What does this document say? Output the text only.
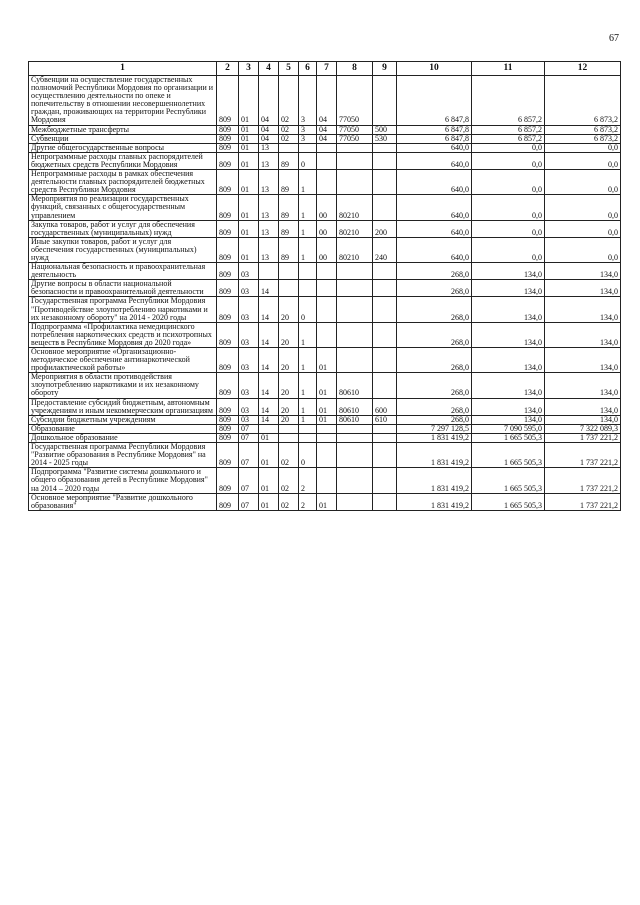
67
1	2	3	4	5	6	7	8	9	10	11	12
Субвенции на осуществление государственных полномочий Республики Мордовия по организации и осуществлению деятельности по опеке и попечительству в отношении несовершеннолетних граждан, проживающих на территории Республики Мордовия	809	01	04	02	3	04	77050		6 847,8	6 857,2	6 873,2
Межбюджетные трансферты	809	01	04	02	3	04	77050	500	6 847,8	6 857,2	6 873,2
Субвенции	809	01	04	02	3	04	77050	530	6 847,8	6 857,2	6 873,2
Другие общегосударственные вопросы	809	01	13						640,0	0,0	0,0
Непрограммные расходы главных распорядителей бюджетных средств Республики Мордовия	809	01	13	89	0				640,0	0,0	0,0
Непрограммные расходы в рамках обеспечения деятельности главных распорядителей бюджетных средств Республики Мордовия	809	01	13	89	1				640,0	0,0	0,0
Мероприятия по реализации государственных функций, связанных с общегосударственным управлением	809	01	13	89	1	00	80210		640,0	0,0	0,0
Закупка товаров, работ и услуг для обеспечения государственных (муниципальных) нужд	809	01	13	89	1	00	80210	200	640,0	0,0	0,0
Иные закупки товаров, работ и услуг для обеспечения государственных (муниципальных) нужд	809	01	13	89	1	00	80210	240	640,0	0,0	0,0
Национальная безопасность и правоохранительная деятельность	809	03							268,0	134,0	134,0
Другие вопросы в области национальной безопасности и правоохранительной деятельности	809	03	14						268,0	134,0	134,0
Государственная программа Республики Мордовия "Противодействие злоупотреблению наркотиками и их незаконному обороту" на 2014 - 2020 годы	809	03	14	20	0				268,0	134,0	134,0
Подпрограмма «Профилактика немедицинского потребления наркотических средств и психотропных веществ в Республике Мордовия до 2020 года»	809	03	14	20	1				268,0	134,0	134,0
Основное мероприятие «Организационно-методическое обеспечение антинаркотической профилактической работы»	809	03	14	20	1	01			268,0	134,0	134,0
Мероприятия в области противодействия злоупотреблению наркотиками и их незаконному обороту	809	03	14	20	1	01	80610		268,0	134,0	134,0
Предоставление субсидий бюджетным, автономным учреждениям и иным некоммерческим организациям	809	03	14	20	1	01	80610	600	268,0	134,0	134,0
Субсидии бюджетным учреждениям	809	03	14	20	1	01	80610	610	268,0	134,0	134,0
Образование	809	07							7 297 128,5	7 090 595,0	7 322 089,3
Дошкольное образование	809	07	01						1 831 419,2	1 665 505,3	1 737 221,2
Государственная программа Республики Мордовия "Развитие образования в Республике Мордовия" на 2014 - 2025 годы	809	07	01	02	0				1 831 419,2	1 665 505,3	1 737 221,2
Подпрограмма "Развитие системы дошкольного и общего образования детей в Республике Мордовия" на 2014 – 2020 годы	809	07	01	02	2				1 831 419,2	1 665 505,3	1 737 221,2
Основное мероприятие "Развитие дошкольного образования"	809	07	01	02	2	01			1 831 419,2	1 665 505,3	1 737 221,2
